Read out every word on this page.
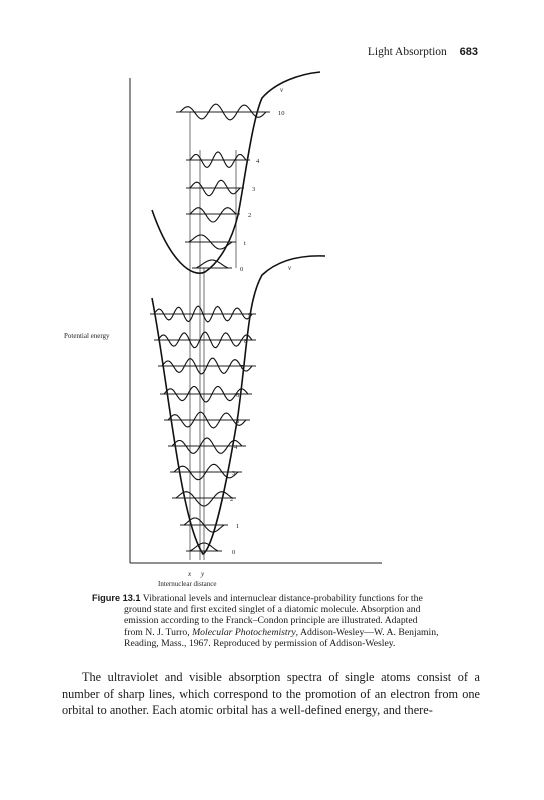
Light Absorption 683
Potential energy
Internuclear distance
x y
0
t
2
3
4
10
0
1
2
3
4
5
6
7
8
9
v
v
Figure 13.1 Vibrational levels and internuclear distance-probability functions for the
ground state and first excited singlet of a diatomic molecule. Absorption and
emission according to the Franck–Condon principle are illustrated. Adapted
from N. J. Turro, Molecular Photochemistry, Addison-Wesley—W. A. Benjamin,
Reading, Mass., 1967. Reproduced by permission of Addison-Wesley.

The ultraviolet and visible absorption spectra of single atoms consist of a number of sharp lines, which correspond to the promotion of an electron from one orbital to another. Each atomic orbital has a well-defined energy, and there-
